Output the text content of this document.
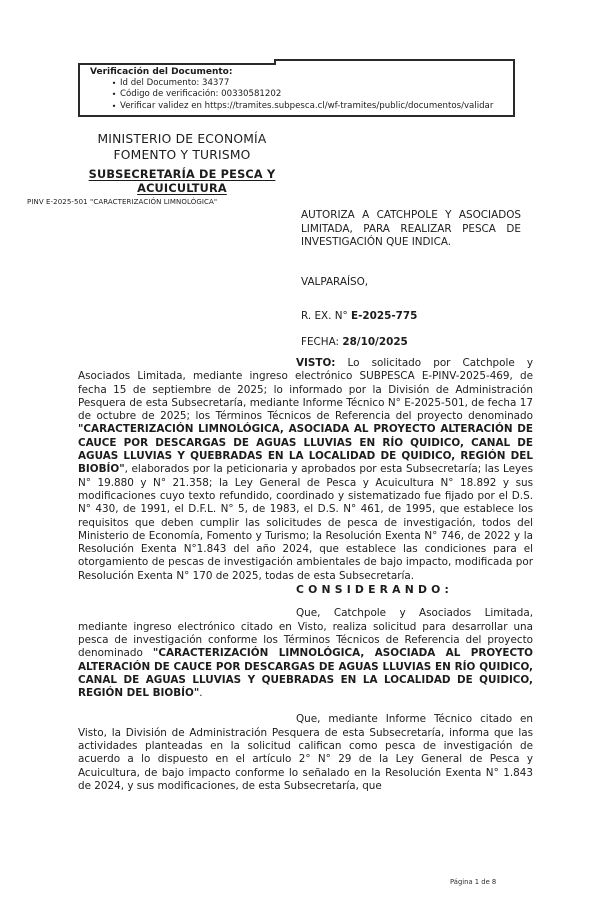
Verificación del Documento:
• Id del Documento: 34377
• Código de verificación: 00330581202
• Verificar validez en https://tramites.subpesca.cl/wf-tramites/public/documentos/validar
MINISTERIO DE ECONOMÍA
FOMENTO Y TURISMO
SUBSECRETARÍA DE PESCA Y ACUICULTURA
PINV E-2025-501 "CARACTERIZACIÓN LIMNOLÓGICA"
AUTORIZA A CATCHPOLE Y ASOCIADOS LIMITADA, PARA REALIZAR PESCA DE INVESTIGACIÓN QUE INDICA.
VALPARAÍSO,
R. EX. N° E-2025-775
FECHA: 28/10/2025

VISTO: Lo solicitado por Catchpole y Asociados Limitada, mediante ingreso electrónico SUBPESCA E-PINV-2025-469, de fecha 15 de septiembre de 2025; lo informado por la División de Administración Pesquera de esta Subsecretaría, mediante Informe Técnico N° E-2025-501, de fecha 17 de octubre de 2025; los Términos Técnicos de Referencia del proyecto denominado "CARACTERIZACIÓN LIMNOLÓGICA, ASOCIADA AL PROYECTO ALTERACIÓN DE CAUCE POR DESCARGAS DE AGUAS LLUVIAS EN RÍO QUIDICO, CANAL DE AGUAS LLUVIAS Y QUEBRADAS EN LA LOCALIDAD DE QUIDICO, REGIÓN DEL BIOBÍO", elaborados por la peticionaria y aprobados por esta Subsecretaría; las Leyes N° 19.880 y N° 21.358; la Ley General de Pesca y Acuicultura N° 18.892 y sus modificaciones cuyo texto refundido, coordinado y sistematizado fue fijado por el D.S. N° 430, de 1991, el D.F.L. N° 5, de 1983, el D.S. N° 461, de 1995, que establece los requisitos que deben cumplir las solicitudes de pesca de investigación, todos del Ministerio de Economía, Fomento y Turismo; la Resolución Exenta N° 746, de 2022 y la Resolución Exenta N°1.843 del año 2024, que establece las condiciones para el otorgamiento de pescas de investigación ambientales de bajo impacto, modificada por Resolución Exenta N° 170 de 2025, todas de esta Subsecretaría.

CONSIDERANDO:

Que, Catchpole y Asociados Limitada, mediante ingreso electrónico citado en Visto, realiza solicitud para desarrollar una pesca de investigación conforme los Términos Técnicos de Referencia del proyecto denominado "CARACTERIZACIÓN LIMNOLÓGICA, ASOCIADA AL PROYECTO ALTERACIÓN DE CAUCE POR DESCARGAS DE AGUAS LLUVIAS EN RÍO QUIDICO, CANAL DE AGUAS LLUVIAS Y QUEBRADAS EN LA LOCALIDAD DE QUIDICO, REGIÓN DEL BIOBÍO".

Que, mediante Informe Técnico citado en Visto, la División de Administración Pesquera de esta Subsecretaría, informa que las actividades planteadas en la solicitud califican como pesca de investigación de acuerdo a lo dispuesto en el artículo 2° N° 29 de la Ley General de Pesca y Acuicultura, de bajo impacto conforme lo señalado en la Resolución Exenta N° 1.843 de 2024, y sus modificaciones, de esta Subsecretaría, que

Página 1 de 8
